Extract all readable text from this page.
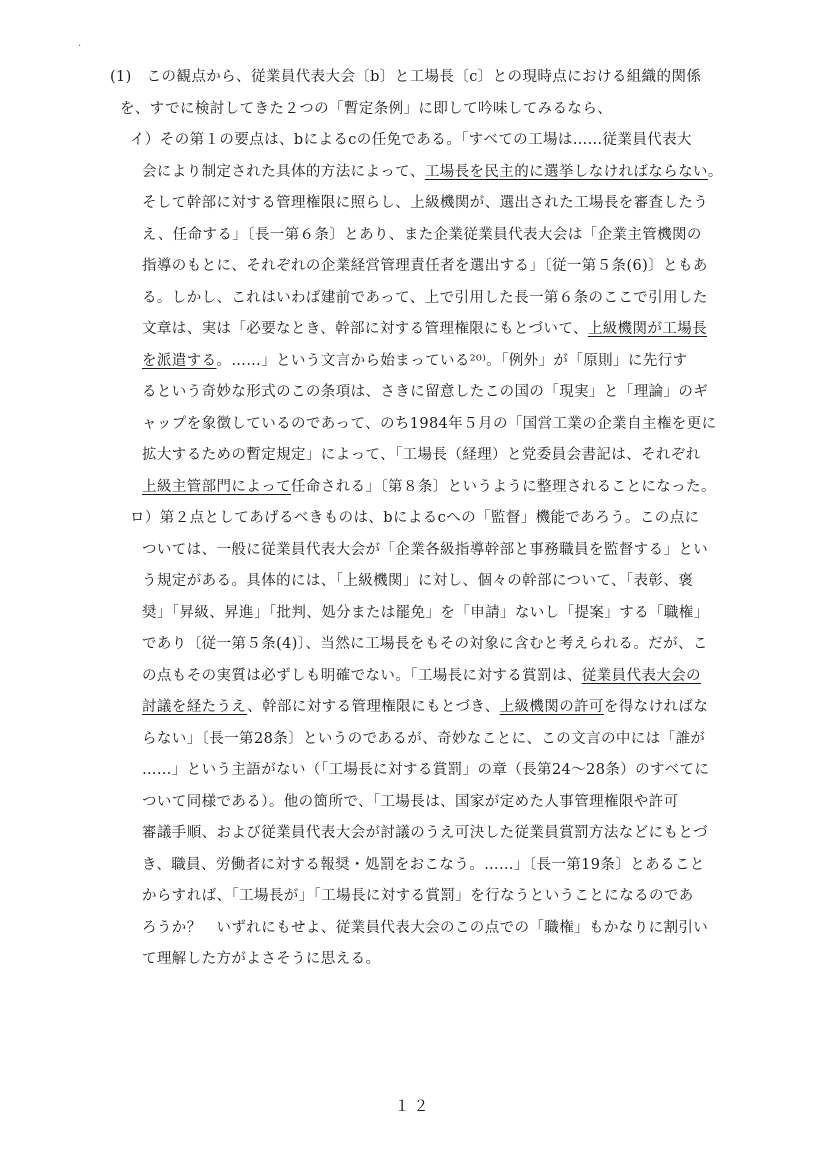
·
(1)　この観点から、従業員代表大会〔b〕と工場長〔c〕との現時点における組織的関係
を、すでに検討してきた２つの「暫定条例」に即して吟味してみるなら、
イ）その第１の要点は、bによるcの任免である。「すべての工場は……従業員代表大
会により制定された具体的方法によって、工場長を民主的に選挙しなければならない。
そして幹部に対する管理権限に照らし、上級機関が、選出された工場長を審査したう
え、任命する」〔長一第６条〕とあり、また企業従業員代表大会は「企業主管機関の
指導のもとに、それぞれの企業経営管理責任者を選出する」〔従一第５条(6)〕ともあ
る。しかし、これはいわば建前であって、上で引用した長一第６条のここで引用した
文章は、実は「必要なとき、幹部に対する管理権限にもとづいて、上級機関が工場長
を派遣する。……」という文言から始まっている²⁰⁾。「例外」が「原則」に先行す
るという奇妙な形式のこの条項は、さきに留意したこの国の「現実」と「理論」のギ
ャップを象徴しているのであって、のち1984年５月の「国営工業の企業自主権を更に
拡大するための暫定規定」によって、「工場長（経理）と党委員会書記は、それぞれ
上級主管部門によって任命される」〔第８条〕というように整理されることになった。
ロ）第２点としてあげるべきものは、bによるcへの「監督」機能であろう。この点に
ついては、一般に従業員代表大会が「企業各級指導幹部と事務職員を監督する」とい
う規定がある。具体的には、「上級機関」に対し、個々の幹部について、「表彰、褒
奨」「昇級、昇進」「批判、処分または罷免」を「申請」ないし「提案」する「職権」
であり〔従一第５条(4)〕、当然に工場長をもその対象に含むと考えられる。だが、こ
の点もその実質は必ずしも明確でない。「工場長に対する賞罰は、従業員代表大会の
討議を経たうえ、幹部に対する管理権限にもとづき、上級機関の許可を得なければな
らない」〔長一第28条〕というのであるが、奇妙なことに、この文言の中には「誰が
……」という主語がない（「工場長に対する賞罰」の章（長第24～28条）のすべてに
ついて同様である）。他の箇所で、「工場長は、国家が定めた人事管理権限や許可
審議手順、および従業員代表大会が討議のうえ可決した従業員賞罰方法などにもとづ
き、職員、労働者に対する報奨・処罰をおこなう。……」〔長一第19条〕とあること
からすれば、「工場長が」「工場長に対する賞罰」を行なうということになるのであ
ろうか？　いずれにもせよ、従業員代表大会のこの点での「職権」もかなりに割引い
て理解した方がよさそうに思える。
１２
